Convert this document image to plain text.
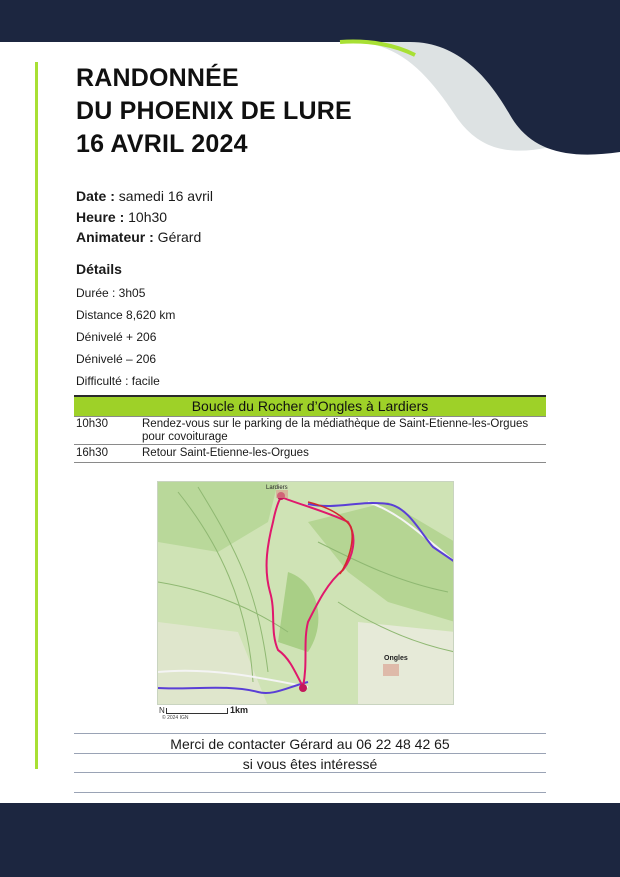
RANDONNÉE
DU PHOENIX DE LURE
16 AVRIL 2024
Date : samedi 16 avril
Heure : 10h30
Animateur : Gérard
Détails
Durée : 3h05
Distance 8,620 km
Dénivelé + 206
Dénivelé – 206
Difficulté : facile
Boucle du Rocher d’Ongles à Lardiers
10h30	Rendez-vous sur le parking de la médiathèque de Saint-Etienne-les-Orgues pour covoiturage
16h30	Retour Saint-Etienne-les-Orgues
Lardiers
Ongles
N	1km
© 2024 IGN
Merci de contacter Gérard au 06 22 48 42 65
si vous êtes intéressé
